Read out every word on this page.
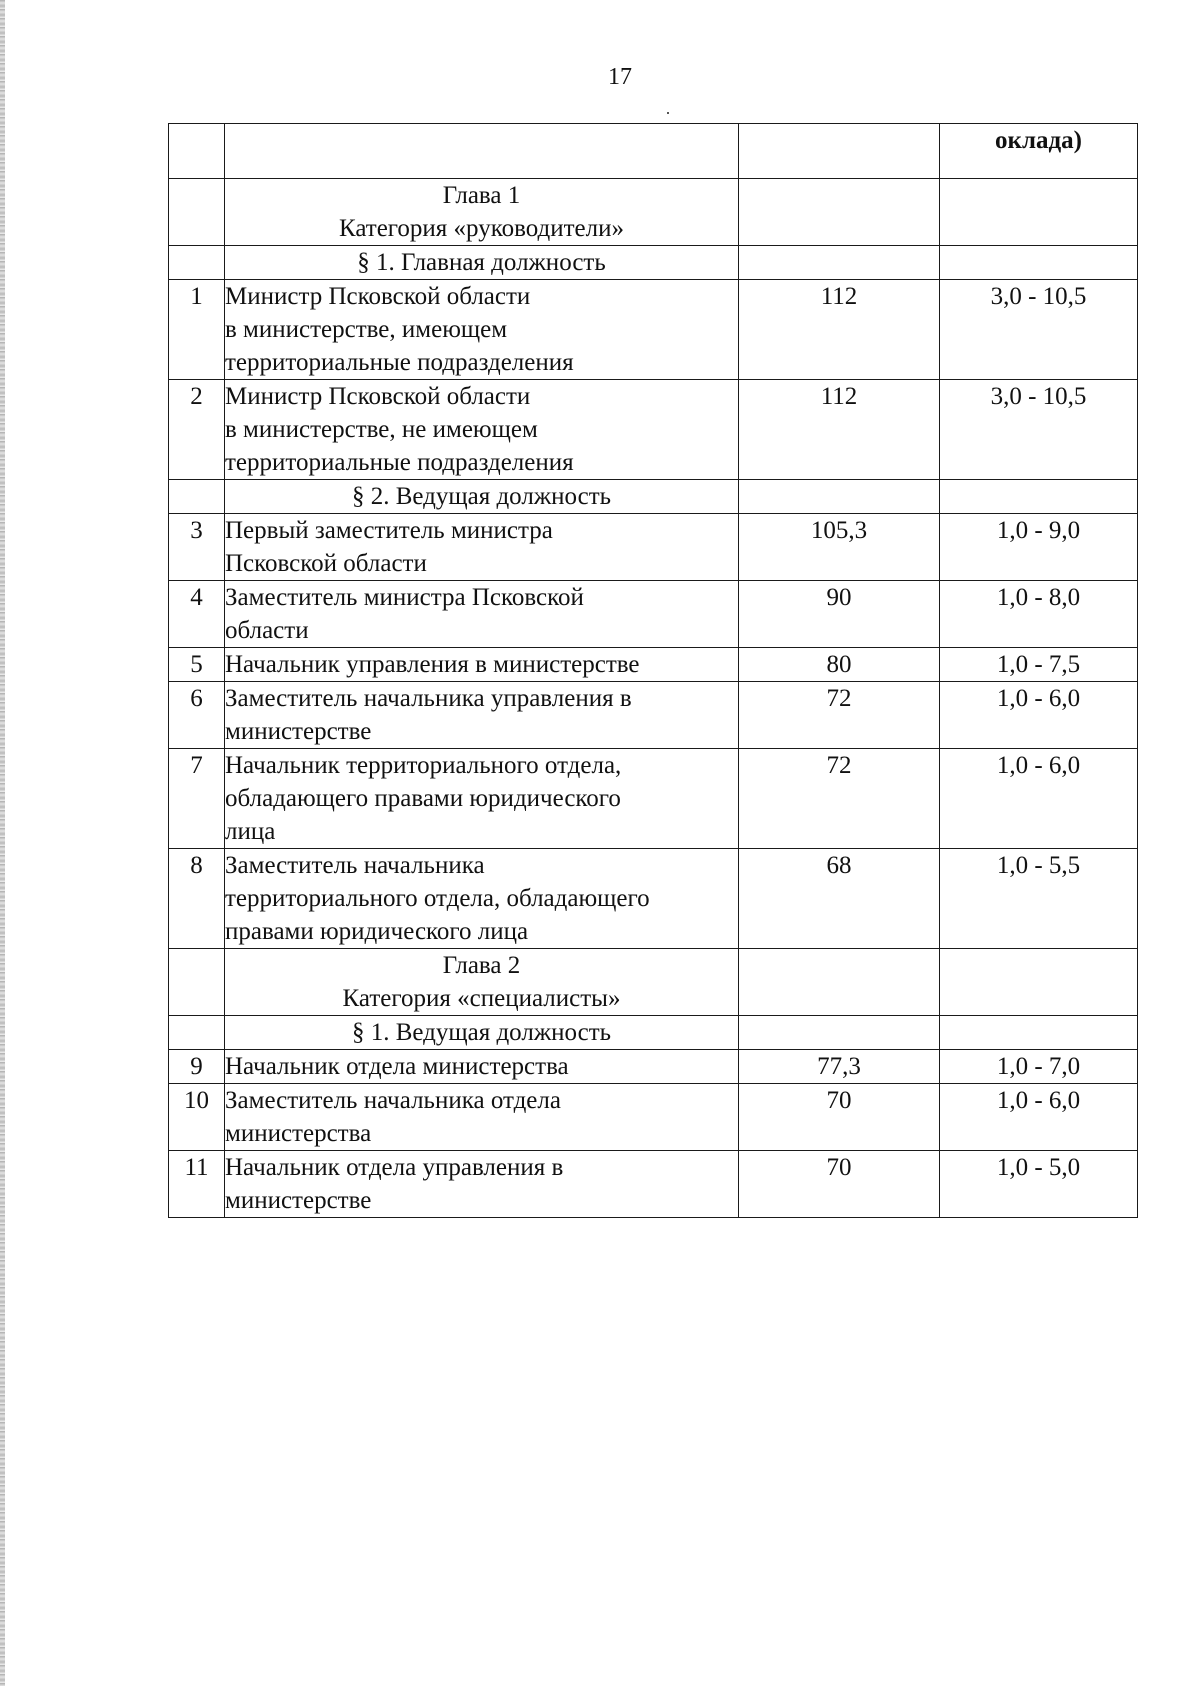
17
			оклада)

	Глава 1
Категория «руководители»		

	§ 1. Главная должность		
1	Министр Псковской области
в министерстве, имеющем
территориальные подразделения	112	3,0 - 10,5
2	Министр Псковской области
в министерстве, не имеющем
территориальные подразделения	112	3,0 - 10,5
	§ 2. Ведущая должность		
3	Первый заместитель министра
Псковской области	105,3	1,0 - 9,0
4	Заместитель министра Псковской
области	90	1,0 - 8,0
5	Начальник управления в министерстве	80	1,0 - 7,5
6	Заместитель начальника управления в
министерстве	72	1,0 - 6,0
7	Начальник территориального отдела,
обладающего правами юридического
лица	72	1,0 - 6,0
8	Заместитель начальника
территориального отдела, обладающего
правами юридического лица	68	1,0 - 5,5

	Глава 2
Категория «специалисты»		

	§ 1. Ведущая должность		
9	Начальник отдела министерства	77,3	1,0 - 7,0
10	Заместитель начальника отдела
министерства	70	1,0 - 6,0
11	Начальник отдела управления в
министерстве	70	1,0 - 5,0
